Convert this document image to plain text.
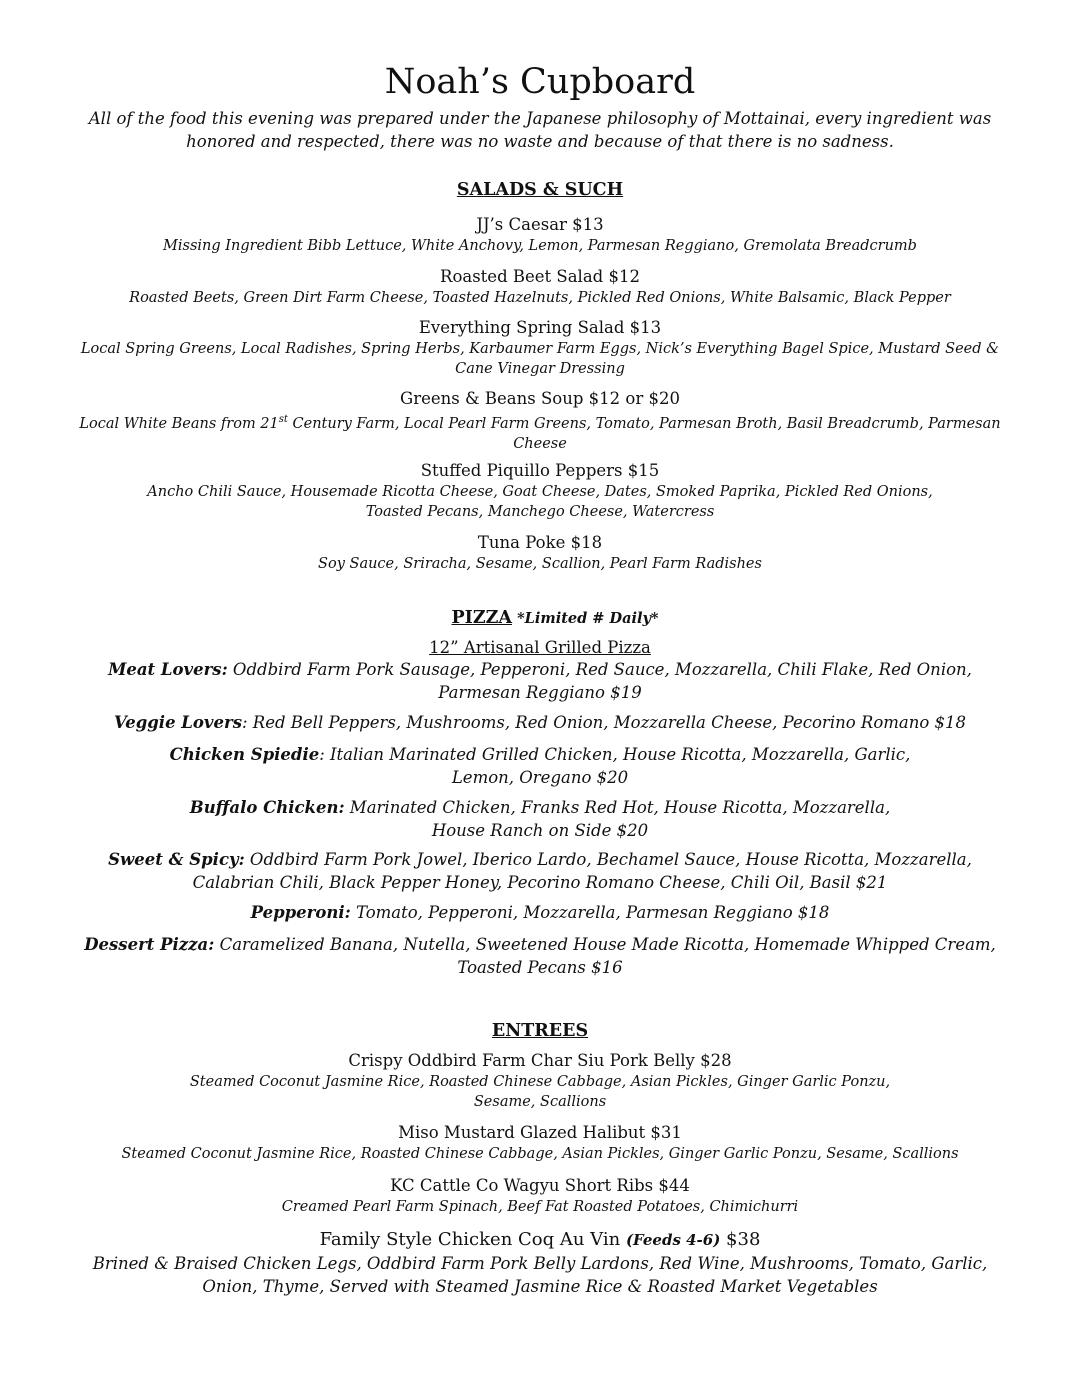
Noah’s Cupboard
All of the food this evening was prepared under the Japanese philosophy of Mottainai, every ingredient was
honored and respected, there was no waste and because of that there is no sadness.
SALADS & SUCH
JJ’s Caesar $13
Missing Ingredient Bibb Lettuce, White Anchovy, Lemon, Parmesan Reggiano, Gremolata Breadcrumb
Roasted Beet Salad $12
Roasted Beets, Green Dirt Farm Cheese, Toasted Hazelnuts, Pickled Red Onions, White Balsamic, Black Pepper
Everything Spring Salad $13
Local Spring Greens, Local Radishes, Spring Herbs, Karbaumer Farm Eggs, Nick’s Everything Bagel Spice, Mustard Seed &
Cane Vinegar Dressing
Greens & Beans Soup $12 or $20
Local White Beans from 21st Century Farm, Local Pearl Farm Greens, Tomato, Parmesan Broth, Basil Breadcrumb, Parmesan
Cheese
Stuffed Piquillo Peppers $15
Ancho Chili Sauce, Housemade Ricotta Cheese, Goat Cheese, Dates, Smoked Paprika, Pickled Red Onions,
Toasted Pecans, Manchego Cheese, Watercress
Tuna Poke $18
Soy Sauce, Sriracha, Sesame, Scallion, Pearl Farm Radishes
PIZZA *Limited # Daily*
12” Artisanal Grilled Pizza
Meat Lovers: Oddbird Farm Pork Sausage, Pepperoni, Red Sauce, Mozzarella, Chili Flake, Red Onion,
Parmesan Reggiano $19
Veggie Lovers: Red Bell Peppers, Mushrooms, Red Onion, Mozzarella Cheese, Pecorino Romano $18
Chicken Spiedie: Italian Marinated Grilled Chicken, House Ricotta, Mozzarella, Garlic,
Lemon, Oregano $20
Buffalo Chicken: Marinated Chicken, Franks Red Hot, House Ricotta, Mozzarella,
House Ranch on Side $20
Sweet & Spicy: Oddbird Farm Pork Jowel, Iberico Lardo, Bechamel Sauce, House Ricotta, Mozzarella,
Calabrian Chili, Black Pepper Honey, Pecorino Romano Cheese, Chili Oil, Basil $21
Pepperoni: Tomato, Pepperoni, Mozzarella, Parmesan Reggiano $18
Dessert Pizza: Caramelized Banana, Nutella, Sweetened House Made Ricotta, Homemade Whipped Cream,
Toasted Pecans $16
ENTREES
Crispy Oddbird Farm Char Siu Pork Belly $28
Steamed Coconut Jasmine Rice, Roasted Chinese Cabbage, Asian Pickles, Ginger Garlic Ponzu,
Sesame, Scallions
Miso Mustard Glazed Halibut $31
Steamed Coconut Jasmine Rice, Roasted Chinese Cabbage, Asian Pickles, Ginger Garlic Ponzu, Sesame, Scallions
KC Cattle Co Wagyu Short Ribs $44
Creamed Pearl Farm Spinach, Beef Fat Roasted Potatoes, Chimichurri
Family Style Chicken Coq Au Vin (Feeds 4-6) $38
Brined & Braised Chicken Legs, Oddbird Farm Pork Belly Lardons, Red Wine, Mushrooms, Tomato, Garlic,
Onion, Thyme, Served with Steamed Jasmine Rice & Roasted Market Vegetables
